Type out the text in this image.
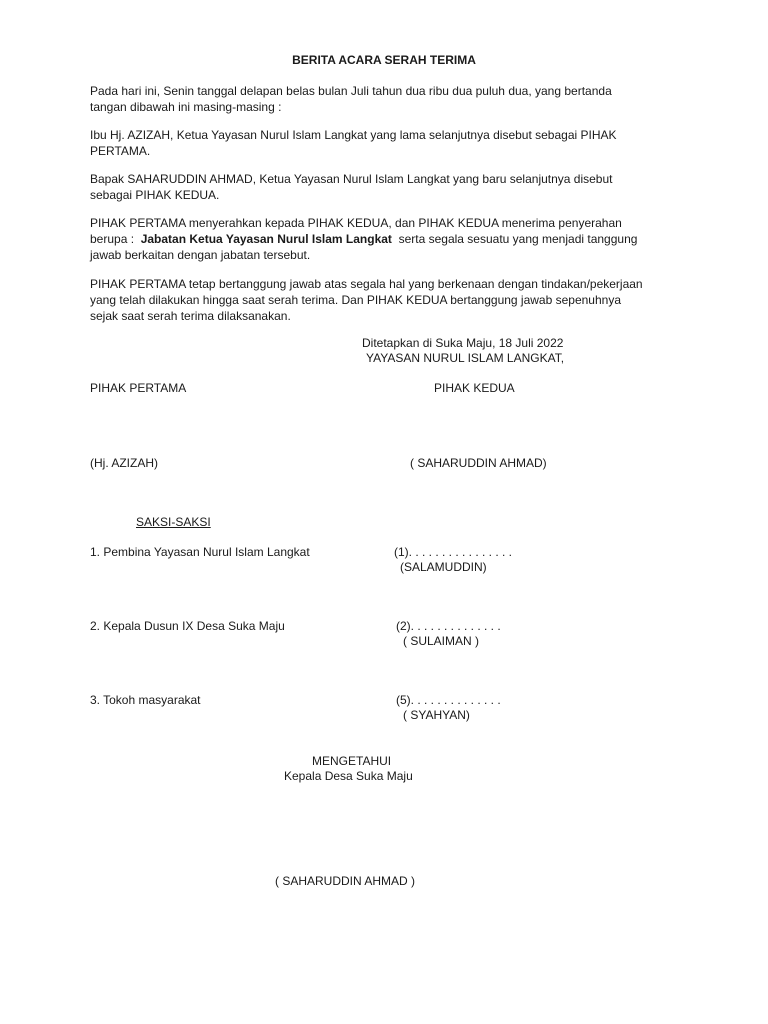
BERITA ACARA SERAH TERIMA
Pada hari ini, Senin tanggal delapan belas bulan Juli tahun dua ribu dua puluh dua, yang bertanda
tangan dibawah ini masing-masing :
Ibu Hj. AZIZAH, Ketua Yayasan Nurul Islam Langkat yang lama selanjutnya disebut sebagai PIHAK
PERTAMA.
Bapak SAHARUDDIN AHMAD, Ketua Yayasan Nurul Islam Langkat yang baru selanjutnya disebut
sebagai PIHAK KEDUA.
PIHAK PERTAMA menyerahkan kepada PIHAK KEDUA, dan PIHAK KEDUA menerima penyerahan
berupa :  Jabatan Ketua Yayasan Nurul Islam Langkat  serta segala sesuatu yang menjadi tanggung
jawab berkaitan dengan jabatan tersebut.
PIHAK PERTAMA tetap bertanggung jawab atas segala hal yang berkenaan dengan tindakan/pekerjaan
yang telah dilakukan hingga saat serah terima. Dan PIHAK KEDUA bertanggung jawab sepenuhnya
sejak saat serah terima dilaksanakan.
Ditetapkan di Suka Maju, 18 Juli 2022
YAYASAN NURUL ISLAM LANGKAT,
PIHAK PERTAMA	PIHAK KEDUA
(Hj. AZIZAH)	( SAHARUDDIN AHMAD)
SAKSI-SAKSI
1. Pembina Yayasan Nurul Islam Langkat	(1). . . . . . . . . . . . . . . .
(SALAMUDDIN)
2. Kepala Dusun IX Desa Suka Maju	(2). . . . . . . . . . . . . .
( SULAIMAN )
3. Tokoh masyarakat	(5). . . . . . . . . . . . . .
( SYAHYAN)
MENGETAHUI
Kepala Desa Suka Maju
( SAHARUDDIN AHMAD )
